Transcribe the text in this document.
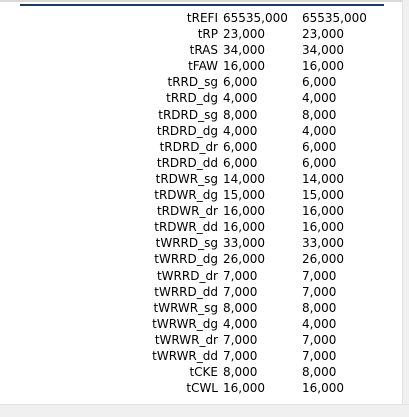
tREFI 65535,000 65535,000
tRP 23,000	23,000
tRAS 34,000	34,000
tFAW 16,000	16,000
tRRD_sg 6,000	6,000
tRRD_dg 4,000	4,000
tRDRD_sg 8,000	8,000
tRDRD_dg 4,000	4,000
tRDRD_dr 6,000	6,000
tRDRD_dd 6,000	6,000
tRDWR_sg 14,000	14,000
tRDWR_dg 15,000	15,000
tRDWR_dr 16,000	16,000
tRDWR_dd 16,000	16,000
tWRRD_sg 33,000	33,000
tWRRD_dg 26,000	26,000
tWRRD_dr 7,000	7,000
tWRRD_dd 7,000	7,000
tWRWR_sg 8,000	8,000
tWRWR_dg 4,000	4,000
tWRWR_dr 7,000	7,000
tWRWR_dd 7,000	7,000
tCKE 8,000	8,000
tCWL 16,000	16,000
